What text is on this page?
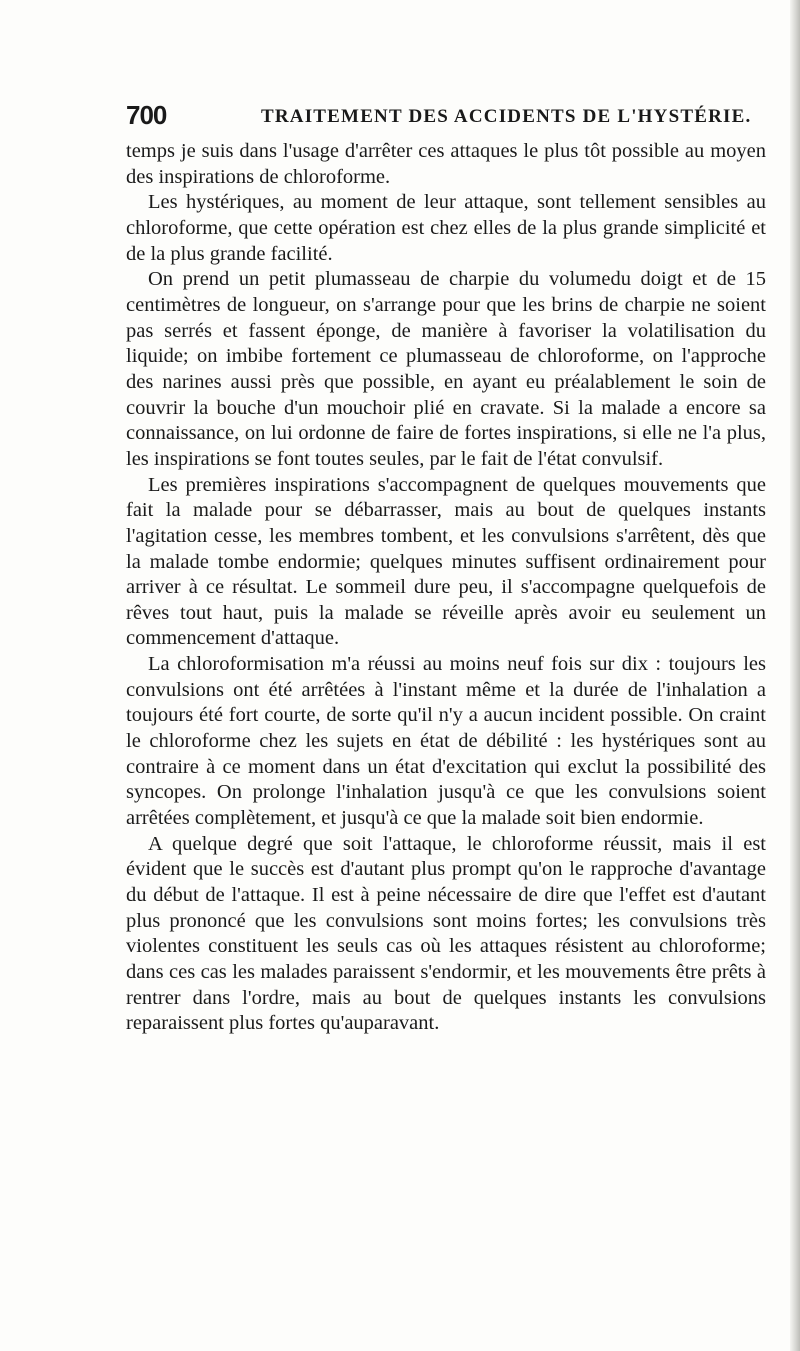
700	TRAITEMENT DES ACCIDENTS DE L'HYSTÉRIE.

temps je suis dans l'usage d'arrêter ces attaques le plus tôt possible au moyen des inspirations de chloroforme.

Les hystériques, au moment de leur attaque, sont tellement sensibles au chloroforme, que cette opération est chez elles de la plus grande simplicité et de la plus grande facilité.

On prend un petit plumasseau de charpie du volumedu doigt et de 15 centimètres de longueur, on s'arrange pour que les brins de charpie ne soient pas serrés et fassent éponge, de manière à favoriser la volatilisation du liquide; on imbibe fortement ce plumasseau de chloroforme, on l'approche des narines aussi près que possible, en ayant eu préalablement le soin de couvrir la bouche d'un mouchoir plié en cravate. Si la malade a encore sa connaissance, on lui ordonne de faire de fortes inspirations, si elle ne l'a plus, les inspirations se font toutes seules, par le fait de l'état convulsif.

Les premières inspirations s'accompagnent de quelques mouvements que fait la malade pour se débarrasser, mais au bout de quelques instants l'agitation cesse, les membres tombent, et les convulsions s'arrêtent, dès que la malade tombe endormie; quelques minutes suffisent ordinairement pour arriver à ce résultat. Le sommeil dure peu, il s'accompagne quelquefois de rêves tout haut, puis la malade se réveille après avoir eu seulement un commencement d'attaque.

La chloroformisation m'a réussi au moins neuf fois sur dix : toujours les convulsions ont été arrêtées à l'instant même et la durée de l'inhalation a toujours été fort courte, de sorte qu'il n'y a aucun incident possible. On craint le chloroforme chez les sujets en état de débilité : les hystériques sont au contraire à ce moment dans un état d'excitation qui exclut la possibilité des syncopes. On prolonge l'inhalation jusqu'à ce que les convulsions soient arrêtées complètement, et jusqu'à ce que la malade soit bien endormie.

A quelque degré que soit l'attaque, le chloroforme réussit, mais il est évident que le succès est d'autant plus prompt qu'on le rapproche d'avantage du début de l'attaque. Il est à peine nécessaire de dire que l'effet est d'autant plus prononcé que les convulsions sont moins fortes; les convulsions très violentes constituent les seuls cas où les attaques résistent au chloroforme; dans ces cas les malades paraissent s'endormir, et les mouvements être prêts à rentrer dans l'ordre, mais au bout de quelques instants les convulsions reparaissent plus fortes qu'auparavant.
